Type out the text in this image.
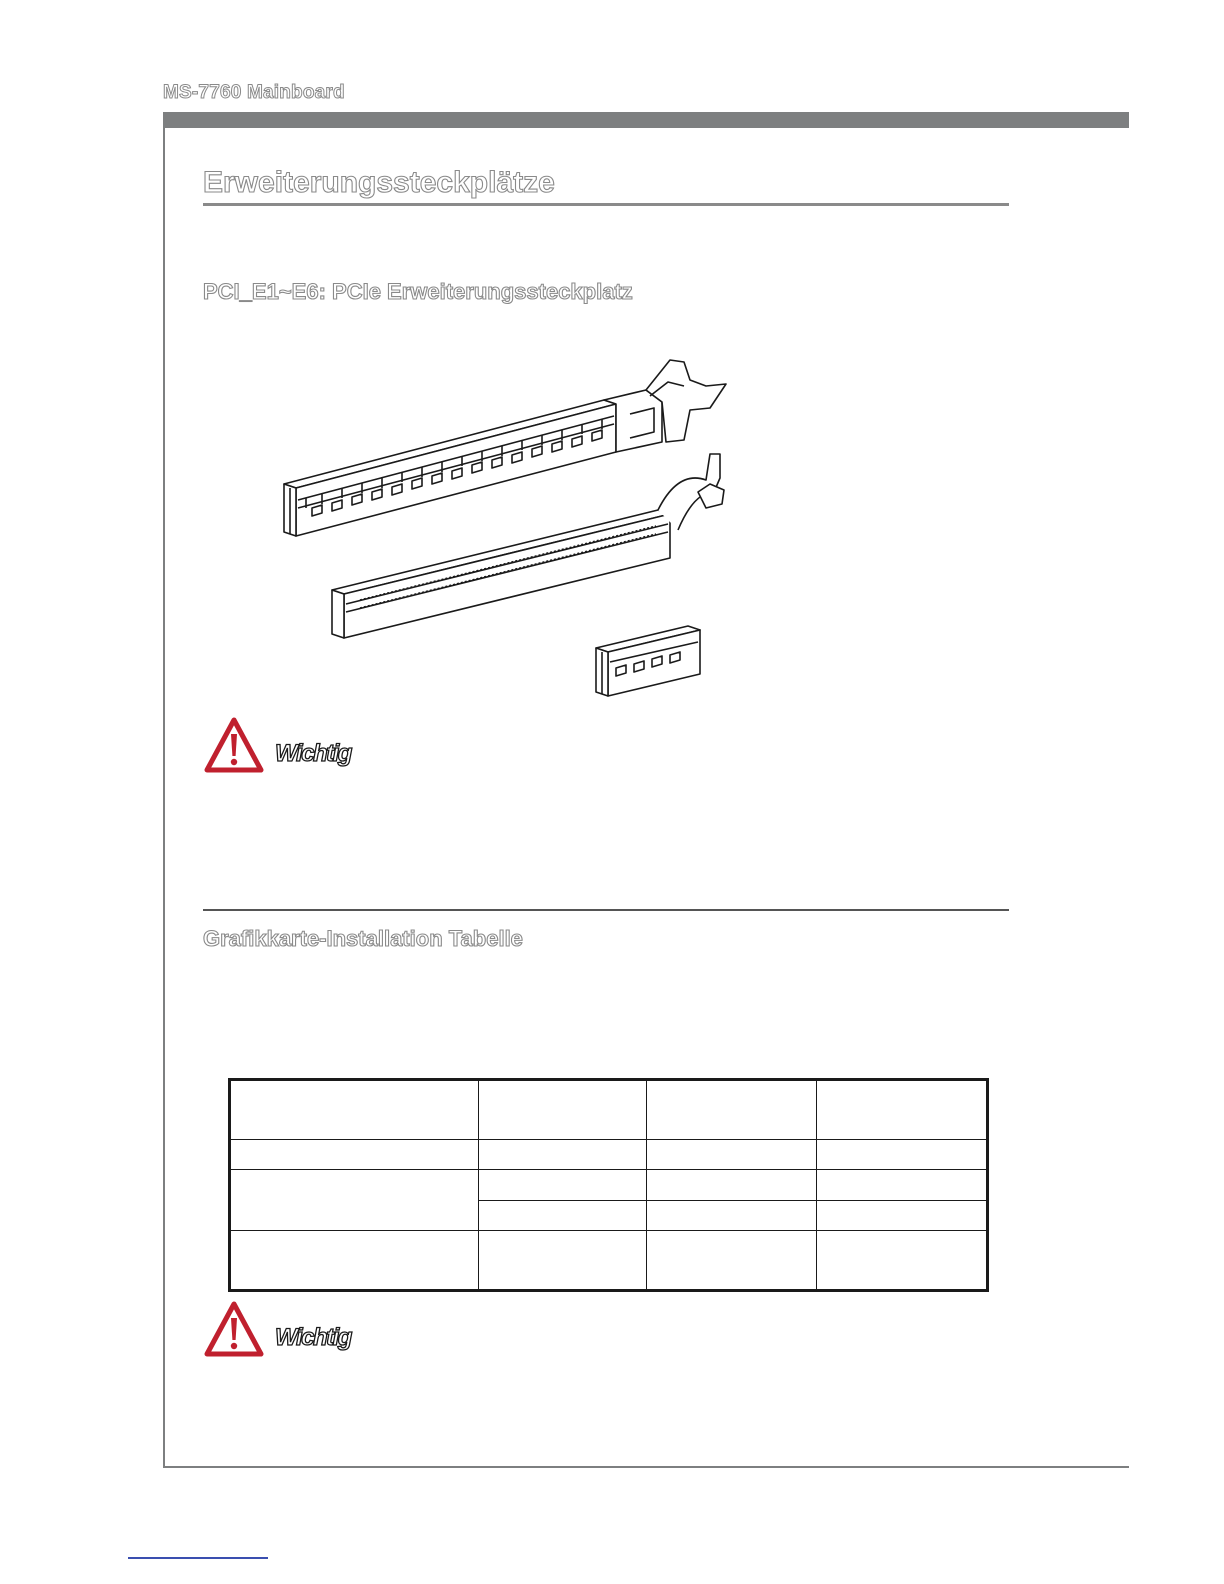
MS-7760 Mainboard
Erweiterungssteckplätze
PCI_E1~E6: PCIe Erweiterungssteckplatz
Wichtig
Grafikkarte-Installation Tabelle

Wichtig
